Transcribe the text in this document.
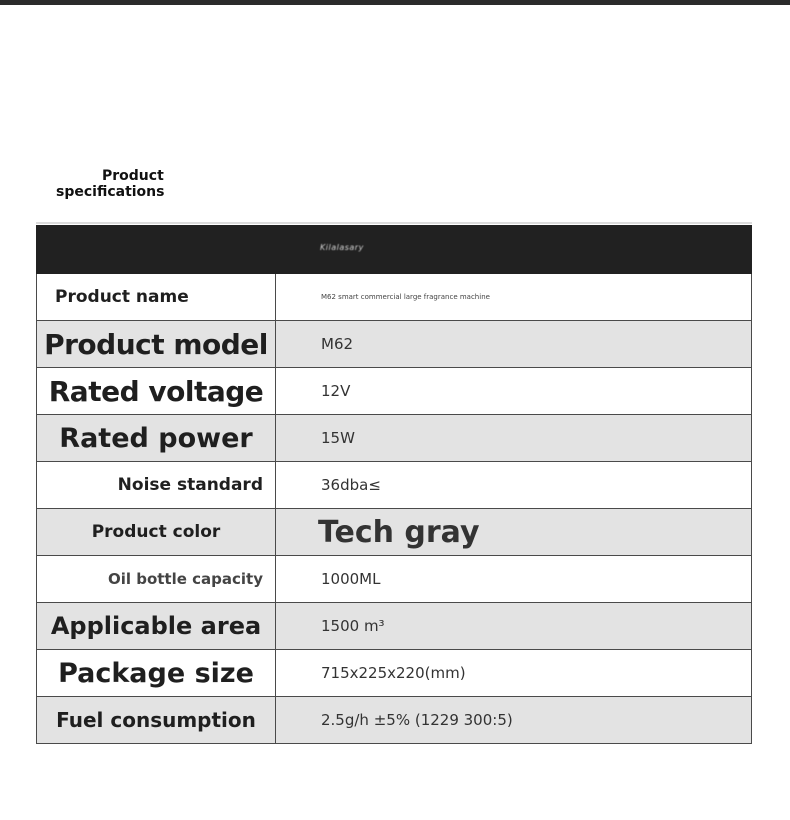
Product
specifications
Kilalasary
Product name	M62 smart commercial large fragrance machine
Product model	M62
Rated voltage	12V
Rated power	15W
Noise standard	36dba≤
Product color	Tech gray
Oil bottle capacity	1000ML
Applicable area	1500 m³
Package size	715x225x220(mm)
Fuel consumption	2.5g/h ±5% (1229 300:5)
